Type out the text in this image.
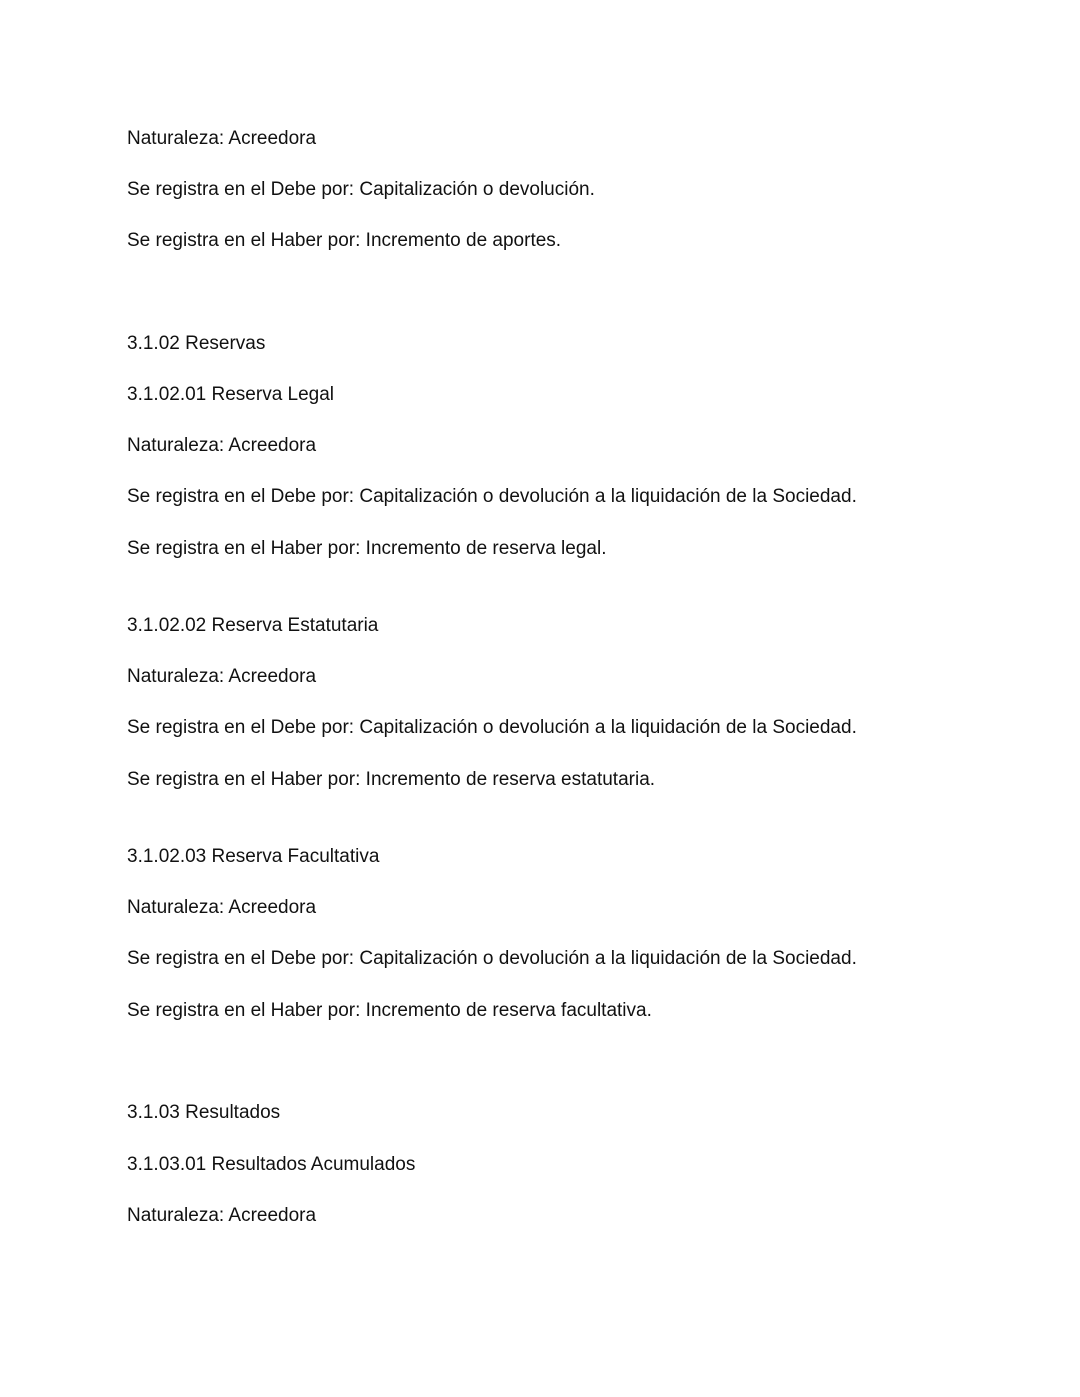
Naturaleza: Acreedora
Se registra en el Debe por: Capitalización o devolución.
Se registra en el Haber por: Incremento de aportes.
3.1.02 Reservas
3.1.02.01 Reserva Legal
Naturaleza: Acreedora
Se registra en el Debe por: Capitalización o devolución a la liquidación de la Sociedad.
Se registra en el Haber por: Incremento de reserva legal.
3.1.02.02 Reserva Estatutaria
Naturaleza: Acreedora
Se registra en el Debe por: Capitalización o devolución a la liquidación de la Sociedad.
Se registra en el Haber por: Incremento de reserva estatutaria.
3.1.02.03 Reserva Facultativa
Naturaleza: Acreedora
Se registra en el Debe por: Capitalización o devolución a la liquidación de la Sociedad.
Se registra en el Haber por: Incremento de reserva facultativa.
3.1.03 Resultados
3.1.03.01 Resultados Acumulados
Naturaleza: Acreedora
